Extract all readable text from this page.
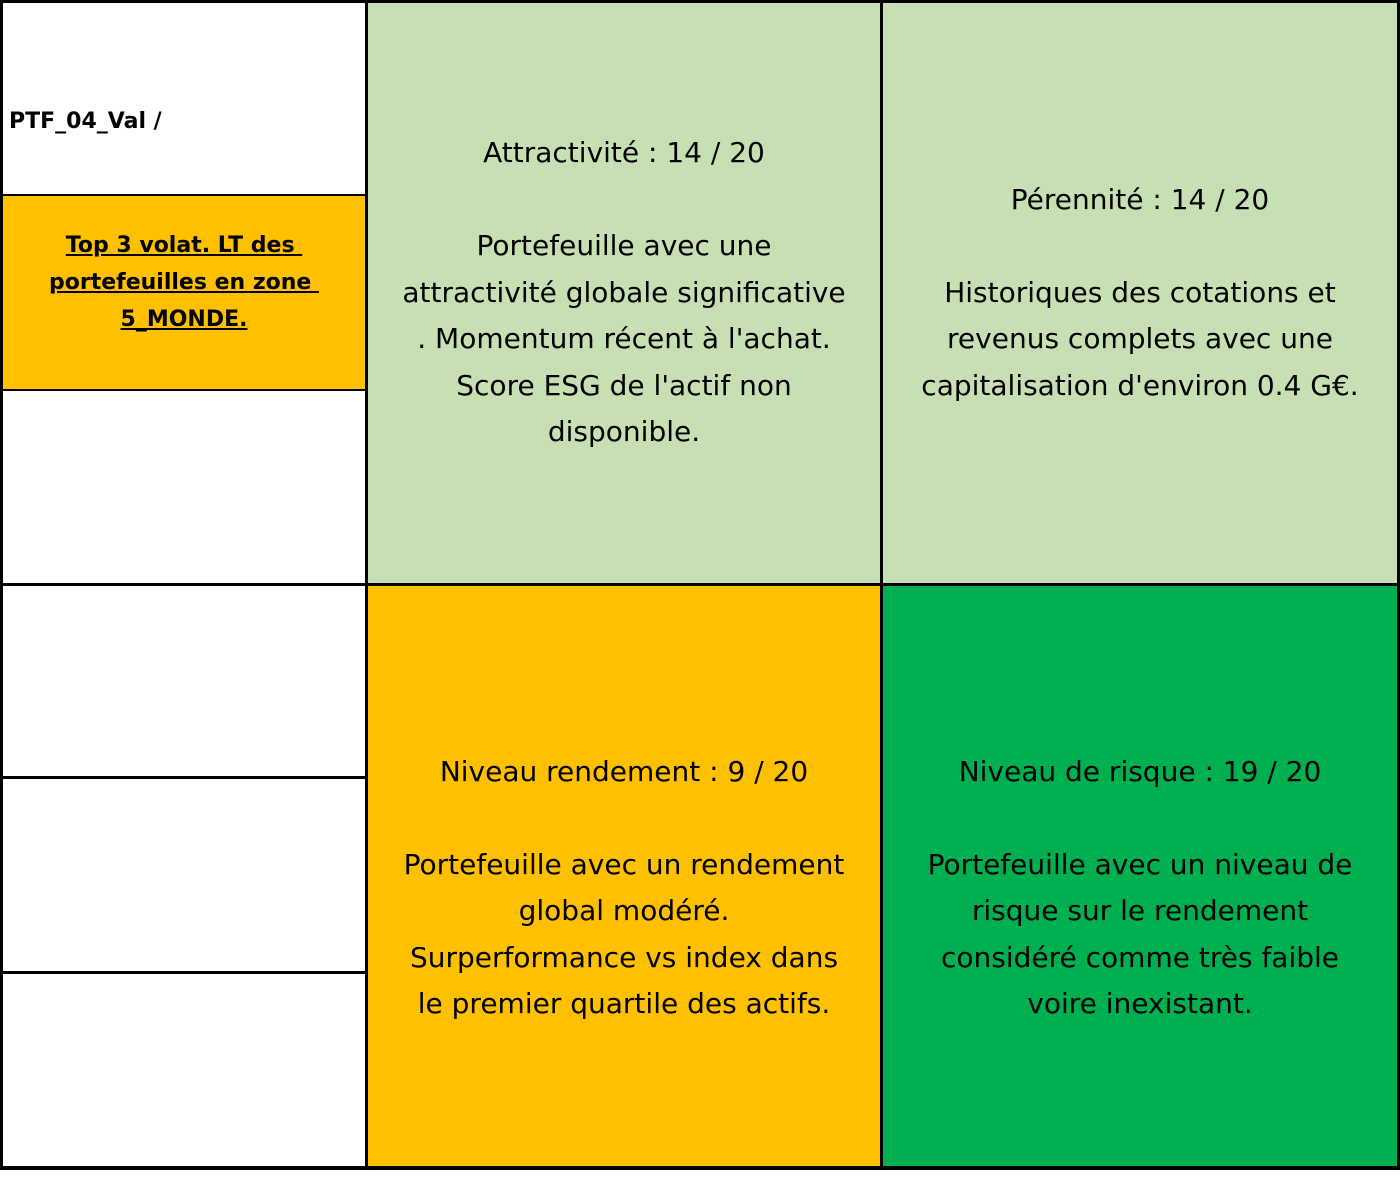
PTF_04_Val /

Top 3 volat. LT des
portefeuilles en zone
5_MONDE.
Attractivité : 14 / 20
Portefeuille avec une
attractivité globale significative
. Momentum récent à l'achat.
Score ESG de l'actif non
disponible.
Pérennité : 14 / 20
Historiques des cotations et
revenus complets avec une
capitalisation d'environ 0.4 G€.
Niveau rendement : 9 / 20
Portefeuille avec un rendement
global modéré.
Surperformance vs index dans
le premier quartile des actifs.
Niveau de risque : 19 / 20
Portefeuille avec un niveau de
risque sur le rendement
considéré comme très faible
voire inexistant.
